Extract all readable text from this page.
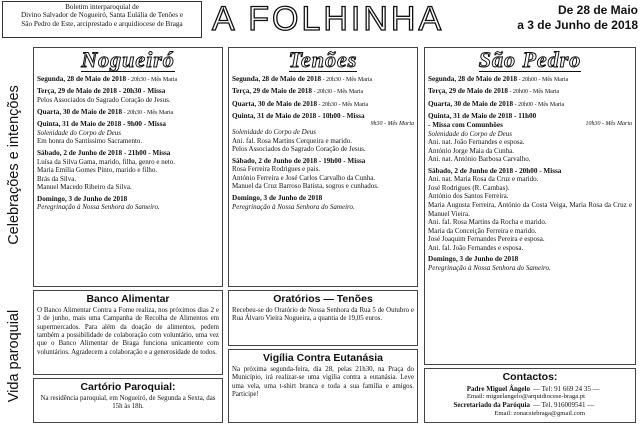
Boletim interparoquial de
Divino Salvador de Nogueiró, Santa Eulália de Tenões e
São Pedro de Este, arciprestado e arquidiocese de Braga A FOLHINHA	De 28 de Maio
a 3 de Junho de 2018
Celebrações e intenções
Vida paroquial
Nogueiró
Segunda, 28 de Maio de 2018 - 20h30 - Mês Maria
Terça, 29 de Maio de 2018 - 20h30 - Missa
Pelos Associados do Sagrado Coração de Jesus.
Quarta, 30 de Maio de 2018 - 20h30 - Mês Maria
Quinta, 31 de Maio de 2018 - 9h00 - Missa
Solenidade do Corpo de Deus
Em honra do Santíssimo Sacramento.
Sábado, 2 de Junho de 2018 - 21h00 - Missa
Luísa da Silva Gama, marido, filha, genro e neto.
Maria Emília Gomes Pinto, marido e filho.
Brás da Silva.
Manuel Macedo Ribeiro da Silva.
Domingo, 3 de Junho de 2018
Peregrinação à Nossa Senhora do Sameiro.
Tenões
Segunda, 28 de Maio de 2018 - 20h30 - Mês Maria
Terça, 29 de Maio de 2018 - 20h30 - Mês Maria
Quarta, 30 de Maio de 2018 - 20h30 - Mês Maria
Quinta, 31 de Maio de 2018 - 10h00 - Missa
9h30 - Mês Maria
Solenidade do Corpo de Deus
Ani. fal. Rosa Martins Cerqueira e marido.
Pelos Associados do Sagrado Coração de Jesus.
Sábado, 2 de Junho de 2018 - 19h00 - Missa
Rosa Ferreira Rodrigues e pais.
António Ferreira e José Carlos Carvalho da Cunha.
Manuel da Cruz Barroso Batista, sogros e cunhados.
Domingo, 3 de Junho de 2018
Peregrinação à Nossa Senhora do Sameiro.
São Pedro
Segunda, 28 de Maio de 2018 - 20h00 - Mês Maria
Terça, 29 de Maio de 2018 - 20h00 - Mês Maria
Quarta, 30 de Maio de 2018 - 20h00 - Mês Maria
Quinta, 31 de Maio de 2018 - 11h00
- Missa com Comunhões	10h30 - Mês Maria
Solenidade do Corpo de Deus
Ani. nat. João Fernandes e esposa.
António Jorge Maia da Cunha.
Ani. nat. António Barbosa Carvalho.
Sábado, 2 de Junho de 2018 - 20h00 - Missa
Ani. nat. Maria Rosa da Cruz e marido.
José Rodrigues (R. Cambas).
António dos Santos Ferreira.
Maria Augusta Ferreira, António da Costa Veiga, Maria Rosa da Cruz e Manuel Vieira.
Ani. fal. Rosa Martins da Rocha e marido.
Maria da Conceição Ferreira e marido.
José Joaquim Fernandes Pereira e esposa.
Ani. fal. João Fernandes e esposa.
Domingo, 3 de Junho de 2018
Peregrinação à Nossa Senhora do Sameiro.
Banco Alimentar
O Banco Alimentar Contra a Fome realiza, nos próximos dias 2 e 3 de junho, mais uma Campanha de Recolha de Alimentos em supermercados. Para além da doação de alimentos, pedem também a possibilidade de colaboração com voluntário, uma vez que o Banco Alimentar de Braga funciona unicamente com voluntários. Agradecem a colaboração e a generosidade de todos.
Cartório Paroquial:
Na residência paroquial, em Nogueiró, de Segunda a Sexta, das 15h às 18h.
Oratórios — Tenões
Recebeu-se do Oratório de Nossa Senhora da Rua 5 de Outubro e Rua Álvaro Vieira Nogueira, a quantia de 19,05 euros.
Vigília Contra Eutanásia
Na próxima segunda-feira, dia 28, pelas 21h30, na Praça do Município, irá realizar-se uma vigília contra a eutanásia. Leve uma vela, uma t-shirt branca e toda a sua família e amigos. Participe!
Contactos:
Padre Miguel Ângelo — Tel: 91 669 24 35 —
Email: miguelangelo@arquidiocese-braga.pt
Secretariado da Paróquia — Tel. 916009541 —
Email: zonacstebraga@gmail.com
